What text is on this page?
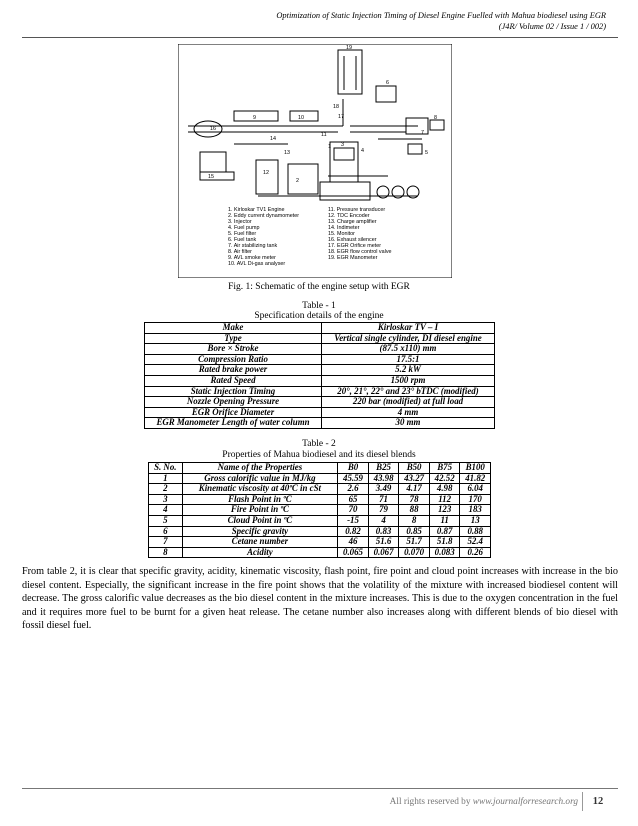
Optimization of Static Injection Timing of Diesel Engine Fuelled with Mahua biodiesel using EGR
(J4R/ Volume 02 / Issue 1 / 002)
19
6
16
9	10
18
17
11
3
4
7
8
5
1
14
13
12
15
2
1. Kirloskar TV1 Engine
2. Eddy current dynamometer
3. Injector
4. Fuel pump
5. Fuel filter
6. Fuel tank
7. Air stabilizing tank
8. Air filter
9. AVL smoke meter
10. AVL Di-gas analyser
11. Pressure transducer
12. TDC Encoder
13. Charge amplifier
14. Indimeter
15. Monitor
16. Exhaust silencer
17. EGR Orifice meter
18. EGR flow control valve
19. EGR Manometer
Fig. 1: Schematic of the engine setup with EGR
Table - 1
Specification details of the engine
Make	Kirloskar TV – I
Type	Vertical single cylinder, DI diesel engine
Bore × Stroke	(87.5 x110) mm
Compression Ratio	17.5:1
Rated brake power	5.2 kW
Rated Speed	1500 rpm
Static Injection Timing	20°, 21°, 22° and 23° bTDC (modified)
Nozzle Opening Pressure	220 bar (modified) at full load
EGR Orifice Diameter	4 mm
EGR Manometer Length of water column	30 mm
Table - 2
Properties of Mahua biodiesel and its diesel blends
S. No.	Name of the Properties	B0	B25	B50	B75	B100
1	Gross calorific value in MJ/kg	45.59	43.98	43.27	42.52	41.82
2	Kinematic viscosity at 40ºC in cSt	2.6	3.49	4.17	4.98	6.04
3	Flash Point in ºC	65	71	78	112	170
4	Fire Point in ºC	70	79	88	123	183
5	Cloud Point in ºC	-15	4	8	11	13
6	Specific gravity	0.82	0.83	0.85	0.87	0.88
7	Cetane number	46	51.6	51.7	51.8	52.4
8	Acidity	0.065	0.067	0.070	0.083	0.26
From table 2, it is clear that specific gravity, acidity, kinematic viscosity, flash point, fire point and cloud point increases with increase in the bio diesel content. Especially, the significant increase in the fire point shows that the volatility of the mixture with increased biodiesel content will decrease. The gross calorific value decreases as the bio diesel content in the mixture increases. This is due to the oxygen concentration in the fuel and it requires more fuel to be burnt for a given heat release. The cetane number also increases along with different blends of bio diesel with fossil diesel fuel.
All rights reserved by www.journalforresearch.org	12
